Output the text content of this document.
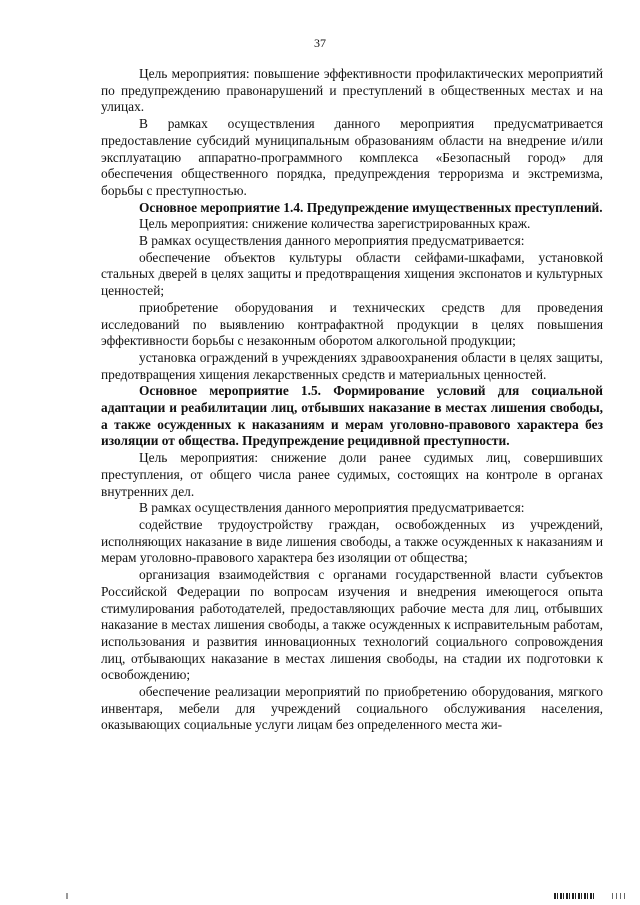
37

Цель мероприятия: повышение эффективности профилактических мероприятий по предупреждению правонарушений и преступлений в общественных местах и на улицах.

В рамках осуществления данного мероприятия предусматривается предоставление субсидий муниципальным образованиям области на внедрение и/или эксплуатацию аппаратно-программного комплекса «Безопасный город» для обеспечения общественного порядка, предупреждения терроризма и экстремизма, борьбы с преступностью.

Основное мероприятие 1.4. Предупреждение имущественных преступлений.

Цель мероприятия: снижение количества зарегистрированных краж.

В рамках осуществления данного мероприятия предусматривается:

обеспечение объектов культуры области сейфами-шкафами, установкой стальных дверей в целях защиты и предотвращения хищения экспонатов и культурных ценностей;

приобретение оборудования и технических средств для проведения исследований по выявлению контрафактной продукции в целях повышения эффективности борьбы с незаконным оборотом алкогольной продукции;

установка ограждений в учреждениях здравоохранения области в целях защиты, предотвращения хищения лекарственных средств и материальных ценностей.

Основное мероприятие 1.5. Формирование условий для социальной адаптации и реабилитации лиц, отбывших наказание в местах лишения свободы, а также осужденных к наказаниям и мерам уголовно-правового характера без изоляции от общества. Предупреждение рецидивной преступности.

Цель мероприятия: снижение доли ранее судимых лиц, совершивших преступления, от общего числа ранее судимых, состоящих на контроле в органах внутренних дел.

В рамках осуществления данного мероприятия предусматривается:

содействие трудоустройству граждан, освобожденных из учреждений, исполняющих наказание в виде лишения свободы, а также осужденных к наказаниям и мерам уголовно-правового характера без изоляции от общества;

организация взаимодействия с органами государственной власти субъектов Российской Федерации по вопросам изучения и внедрения имеющегося опыта стимулирования работодателей, предоставляющих рабочие места для лиц, отбывших наказание в местах лишения свободы, а также осужденных к исправительным работам, использования и развития инновационных технологий социального сопровождения лиц, отбывающих наказание в местах лишения свободы, на стадии их подготовки к освобождению;

обеспечение реализации мероприятий по приобретению оборудования, мягкого инвентаря, мебели для учреждений социального обслуживания населения, оказывающих социальные услуги лицам без определенного места жи-
